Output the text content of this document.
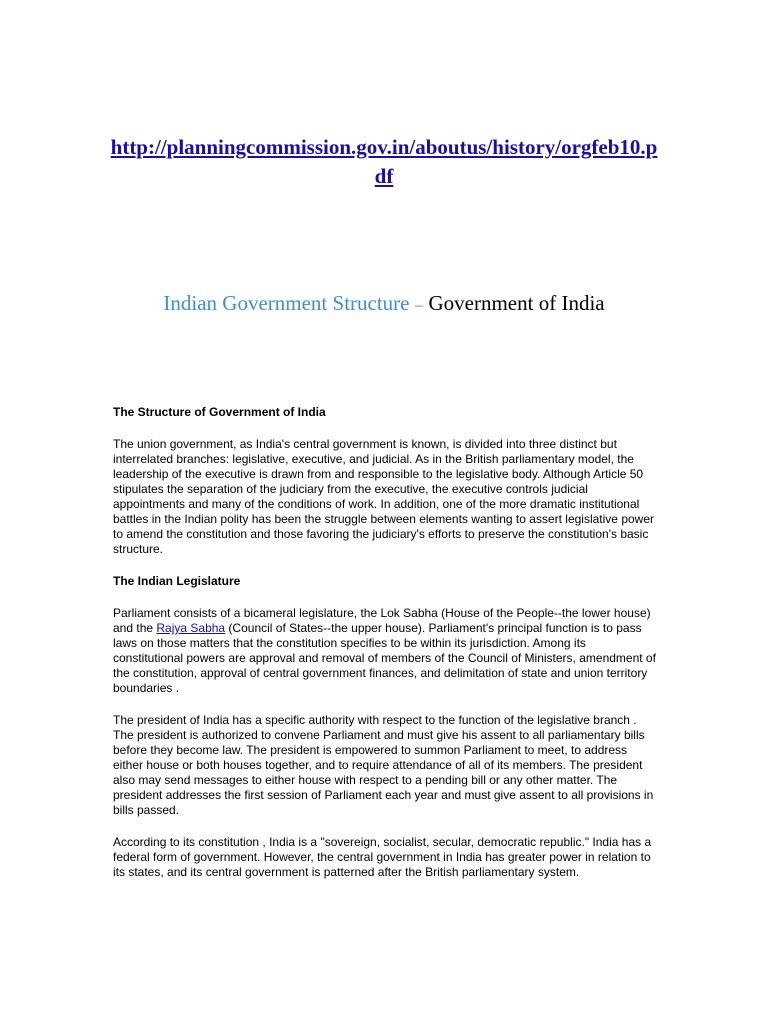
http://planningcommission.gov.in/aboutus/history/orgfeb10.pdf
Indian Government Structure – Government of India
The Structure of Government of India
The union government, as India's central government is known, is divided into three distinct but interrelated branches: legislative, executive, and judicial. As in the British parliamentary model, the leadership of the executive is drawn from and responsible to the legislative body. Although Article 50 stipulates the separation of the judiciary from the executive, the executive controls judicial appointments and many of the conditions of work. In addition, one of the more dramatic institutional battles in the Indian polity has been the struggle between elements wanting to assert legislative power to amend the constitution and those favoring the judiciary's efforts to preserve the constitution's basic structure.
The Indian Legislature
Parliament consists of a bicameral legislature, the Lok Sabha (House of the People--the lower house) and the Rajya Sabha (Council of States--the upper house). Parliament's principal function is to pass laws on those matters that the constitution specifies to be within its jurisdiction. Among its constitutional powers are approval and removal of members of the Council of Ministers, amendment of the constitution, approval of central government finances, and delimitation of state and union territory boundaries .
The president of India has a specific authority with respect to the function of the legislative branch . The president is authorized to convene Parliament and must give his assent to all parliamentary bills before they become law. The president is empowered to summon Parliament to meet, to address either house or both houses together, and to require attendance of all of its members. The president also may send messages to either house with respect to a pending bill or any other matter. The president addresses the first session of Parliament each year and must give assent to all provisions in bills passed.
According to its constitution , India is a "sovereign, socialist, secular, democratic republic." India has a federal form of government. However, the central government in India has greater power in relation to its states, and its central government is patterned after the British parliamentary system.
